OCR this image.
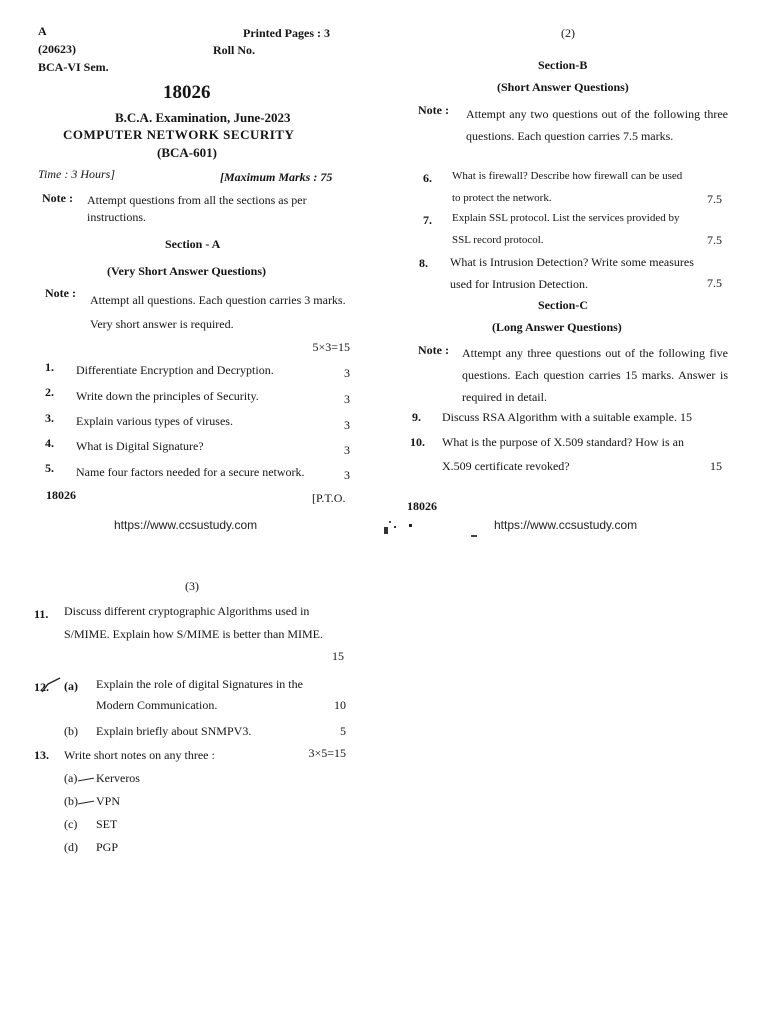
A	Printed Pages : 3
(20623)	Roll No.
BCA-VI Sem.
18026
B.C.A. Examination, June-2023
COMPUTER NETWORK SECURITY
(BCA-601)
Time : 3 Hours]	[Maximum Marks : 75
Note : Attempt questions from all the sections as per instructions.
Section - A
(Very Short Answer Questions)
Note : Attempt all questions. Each question carries 3 marks. Very short answer is required.
5×3=15
1. Differentiate Encryption and Decryption.	3
2. Write down the principles of Security.	3
3. Explain various types of viruses.	3
4. What is Digital Signature?	3
5. Name four factors needed for a secure network.	3
18026	[P.T.O.
https://www.ccsustudy.com
(2)
Section-B
(Short Answer Questions)
Note : Attempt any two questions out of the following three questions. Each question carries 7.5 marks.
6. What is firewall? Describe how firewall can be used
to protect the network.	7.5
7. Explain SSL protocol. List the services provided by
SSL record protocol.	7.5
8. What is Intrusion Detection? Write some measures
used for Intrusion Detection.	7.5
Section-C
(Long Answer Questions)
Note : Attempt any three questions out of the following five questions. Each question carries 15 marks. Answer is required in detail.
9. Discuss RSA Algorithm with a suitable example. 15
10. What is the purpose of X.509 standard? How is an
X.509 certificate revoked?	15
18026
https://www.ccsustudy.com
(3)
11. Discuss different cryptographic Algorithms used in
S/MIME. Explain how S/MIME is better than MIME.
15
12. (a) Explain the role of digital Signatures in the
Modern Communication.	10
(b) Explain briefly about SNMPV3.	5
13. Write short notes on any three :	3×5=15
(a) Kerveros
(b) VPN
(c) SET
(d) PGP
